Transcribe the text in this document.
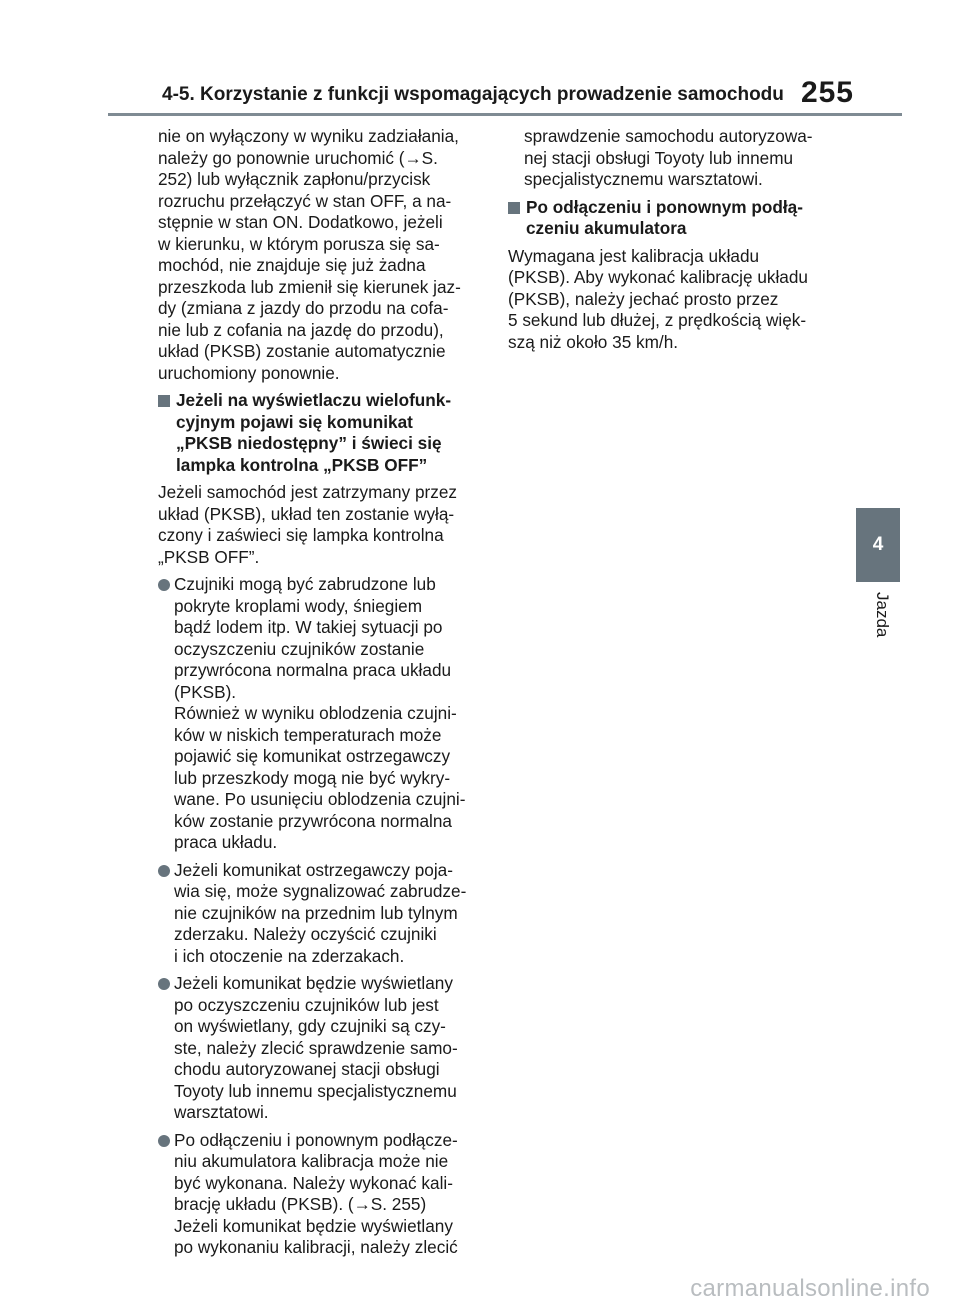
4-5. Korzystanie z funkcji wspomagających prowadzenie samochodu 255
4
Jazda
nie on wyłączony w wyniku zadziałania,
należy go ponownie uruchomić (→S.
252) lub wyłącznik zapłonu/przycisk
rozruchu przełączyć w stan OFF, a na-
stępnie w stan ON. Dodatkowo, jeżeli
w kierunku, w którym porusza się sa-
mochód, nie znajduje się już żadna
przeszkoda lub zmienił się kierunek jaz-
dy (zmiana z jazdy do przodu na cofa-
nie lub z cofania na jazdę do przodu),
układ (PKSB) zostanie automatycznie
uruchomiony ponownie.
Jeżeli na wyświetlaczu wielofunk-
cyjnym pojawi się komunikat
„PKSB niedostępny” i świeci się
lampka kontrolna „PKSB OFF”
Jeżeli samochód jest zatrzymany przez
układ (PKSB), układ ten zostanie wyłą-
czony i zaświeci się lampka kontrolna
„PKSB OFF”.
Czujniki mogą być zabrudzone lub
pokryte kroplami wody, śniegiem
bądź lodem itp. W takiej sytuacji po
oczyszczeniu czujników zostanie
przywrócona normalna praca układu
(PKSB).
Również w wyniku oblodzenia czujni-
ków w niskich temperaturach może
pojawić się komunikat ostrzegawczy
lub przeszkody mogą nie być wykry-
wane. Po usunięciu oblodzenia czujni-
ków zostanie przywrócona normalna
praca układu.
Jeżeli komunikat ostrzegawczy poja-
wia się, może sygnalizować zabrudze-
nie czujników na przednim lub tylnym
zderzaku. Należy oczyścić czujniki
i ich otoczenie na zderzakach.
Jeżeli komunikat będzie wyświetlany
po oczyszczeniu czujników lub jest
on wyświetlany, gdy czujniki są czy-
ste, należy zlecić sprawdzenie samo-
chodu autoryzowanej stacji obsługi
Toyoty lub innemu specjalistycznemu
warsztatowi.
Po odłączeniu i ponownym podłącze-
niu akumulatora kalibracja może nie
być wykonana. Należy wykonać kali-
brację układu (PKSB). (→S. 255)
Jeżeli komunikat będzie wyświetlany
po wykonaniu kalibracji, należy zlecić
sprawdzenie samochodu autoryzowa-
nej stacji obsługi Toyoty lub innemu
specjalistycznemu warsztatowi.
Po odłączeniu i ponownym podłą-
czeniu akumulatora
Wymagana jest kalibracja układu
(PKSB). Aby wykonać kalibrację układu
(PKSB), należy jechać prosto przez
5 sekund lub dłużej, z prędkością więk-
szą niż około 35 km/h.
carmanualsonline.info
